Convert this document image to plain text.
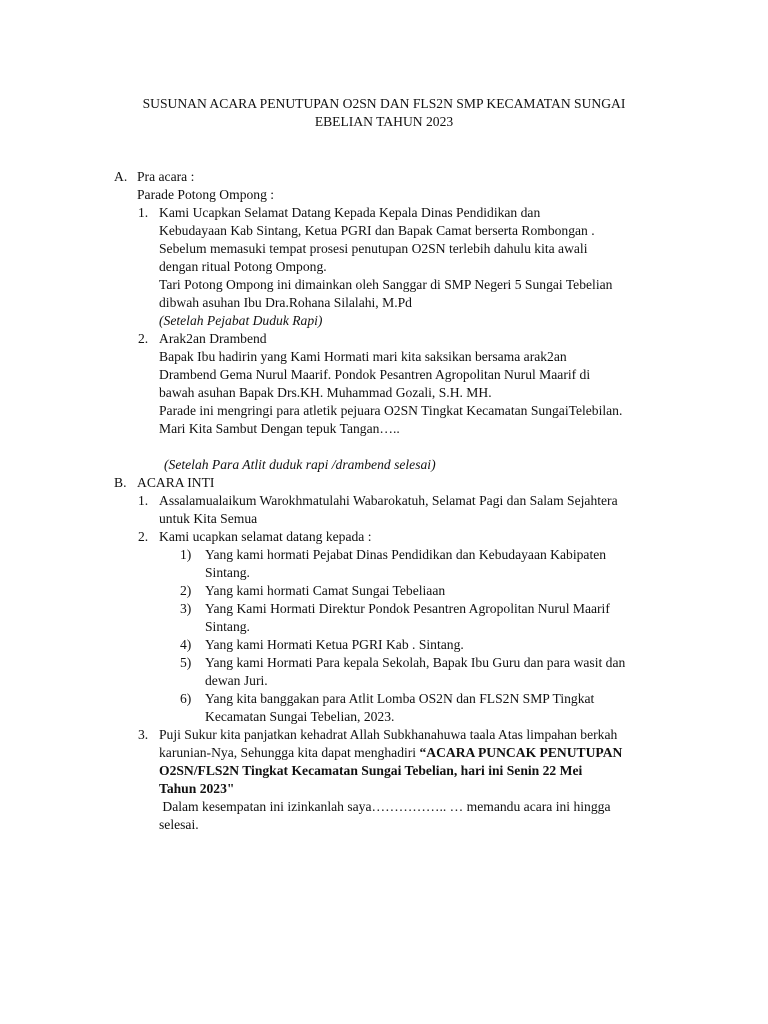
SUSUNAN ACARA PENUTUPAN O2SN DAN FLS2N SMP KECAMATAN SUNGAI
EBELIAN TAHUN 2023
A. Pra acara :
Parade Potong Ompong :
1. Kami Ucapkan Selamat Datang Kepada Kepala Dinas Pendidikan dan
Kebudayaan Kab Sintang, Ketua PGRI dan Bapak Camat berserta Rombongan .
Sebelum memasuki tempat prosesi penutupan O2SN terlebih dahulu kita awali
dengan ritual Potong Ompong.
Tari Potong Ompong ini dimainkan oleh Sanggar di SMP Negeri 5 Sungai Tebelian
dibwah asuhan Ibu Dra.Rohana Silalahi, M.Pd
(Setelah Pejabat Duduk Rapi)
2. Arak2an Drambend
Bapak Ibu hadirin yang Kami Hormati mari kita saksikan bersama arak2an
Drambend Gema Nurul Maarif. Pondok Pesantren Agropolitan Nurul Maarif di
bawah asuhan Bapak Drs.KH. Muhammad Gozali, S.H. MH.
Parade ini mengringi para atletik pejuara O2SN Tingkat Kecamatan SungaiTelebilan.
Mari Kita Sambut Dengan tepuk Tangan…..
(Setelah Para Atlit duduk rapi /drambend selesai)
B. ACARA INTI
1. Assalamualaikum Warokhmatulahi Wabarokatuh, Selamat Pagi dan Salam Sejahtera
untuk Kita Semua
2. Kami ucapkan selamat datang kepada :
1) Yang kami hormati Pejabat Dinas Pendidikan dan Kebudayaan Kabipaten
Sintang.
2) Yang kami hormati Camat Sungai Tebeliaan
3) Yang Kami Hormati Direktur Pondok Pesantren Agropolitan Nurul Maarif
Sintang.
4) Yang kami Hormati Ketua PGRI Kab . Sintang.
5) Yang kami Hormati Para kepala Sekolah, Bapak Ibu Guru dan para wasit dan
dewan Juri.
6) Yang kita banggakan para Atlit Lomba OS2N dan FLS2N SMP Tingkat
Kecamatan Sungai Tebelian, 2023.
3. Puji Sukur kita panjatkan kehadrat Allah Subkhanahuwa taala Atas limpahan berkah
karunian-Nya, Sehungga kita dapat menghadiri “ACARA PUNCAK PENUTUPAN
O2SN/FLS2N Tingkat Kecamatan Sungai Tebelian, hari ini Senin 22 Mei
Tahun 2023"
Dalam kesempatan ini izinkanlah saya…………….. … memandu acara ini hingga
selesai.
